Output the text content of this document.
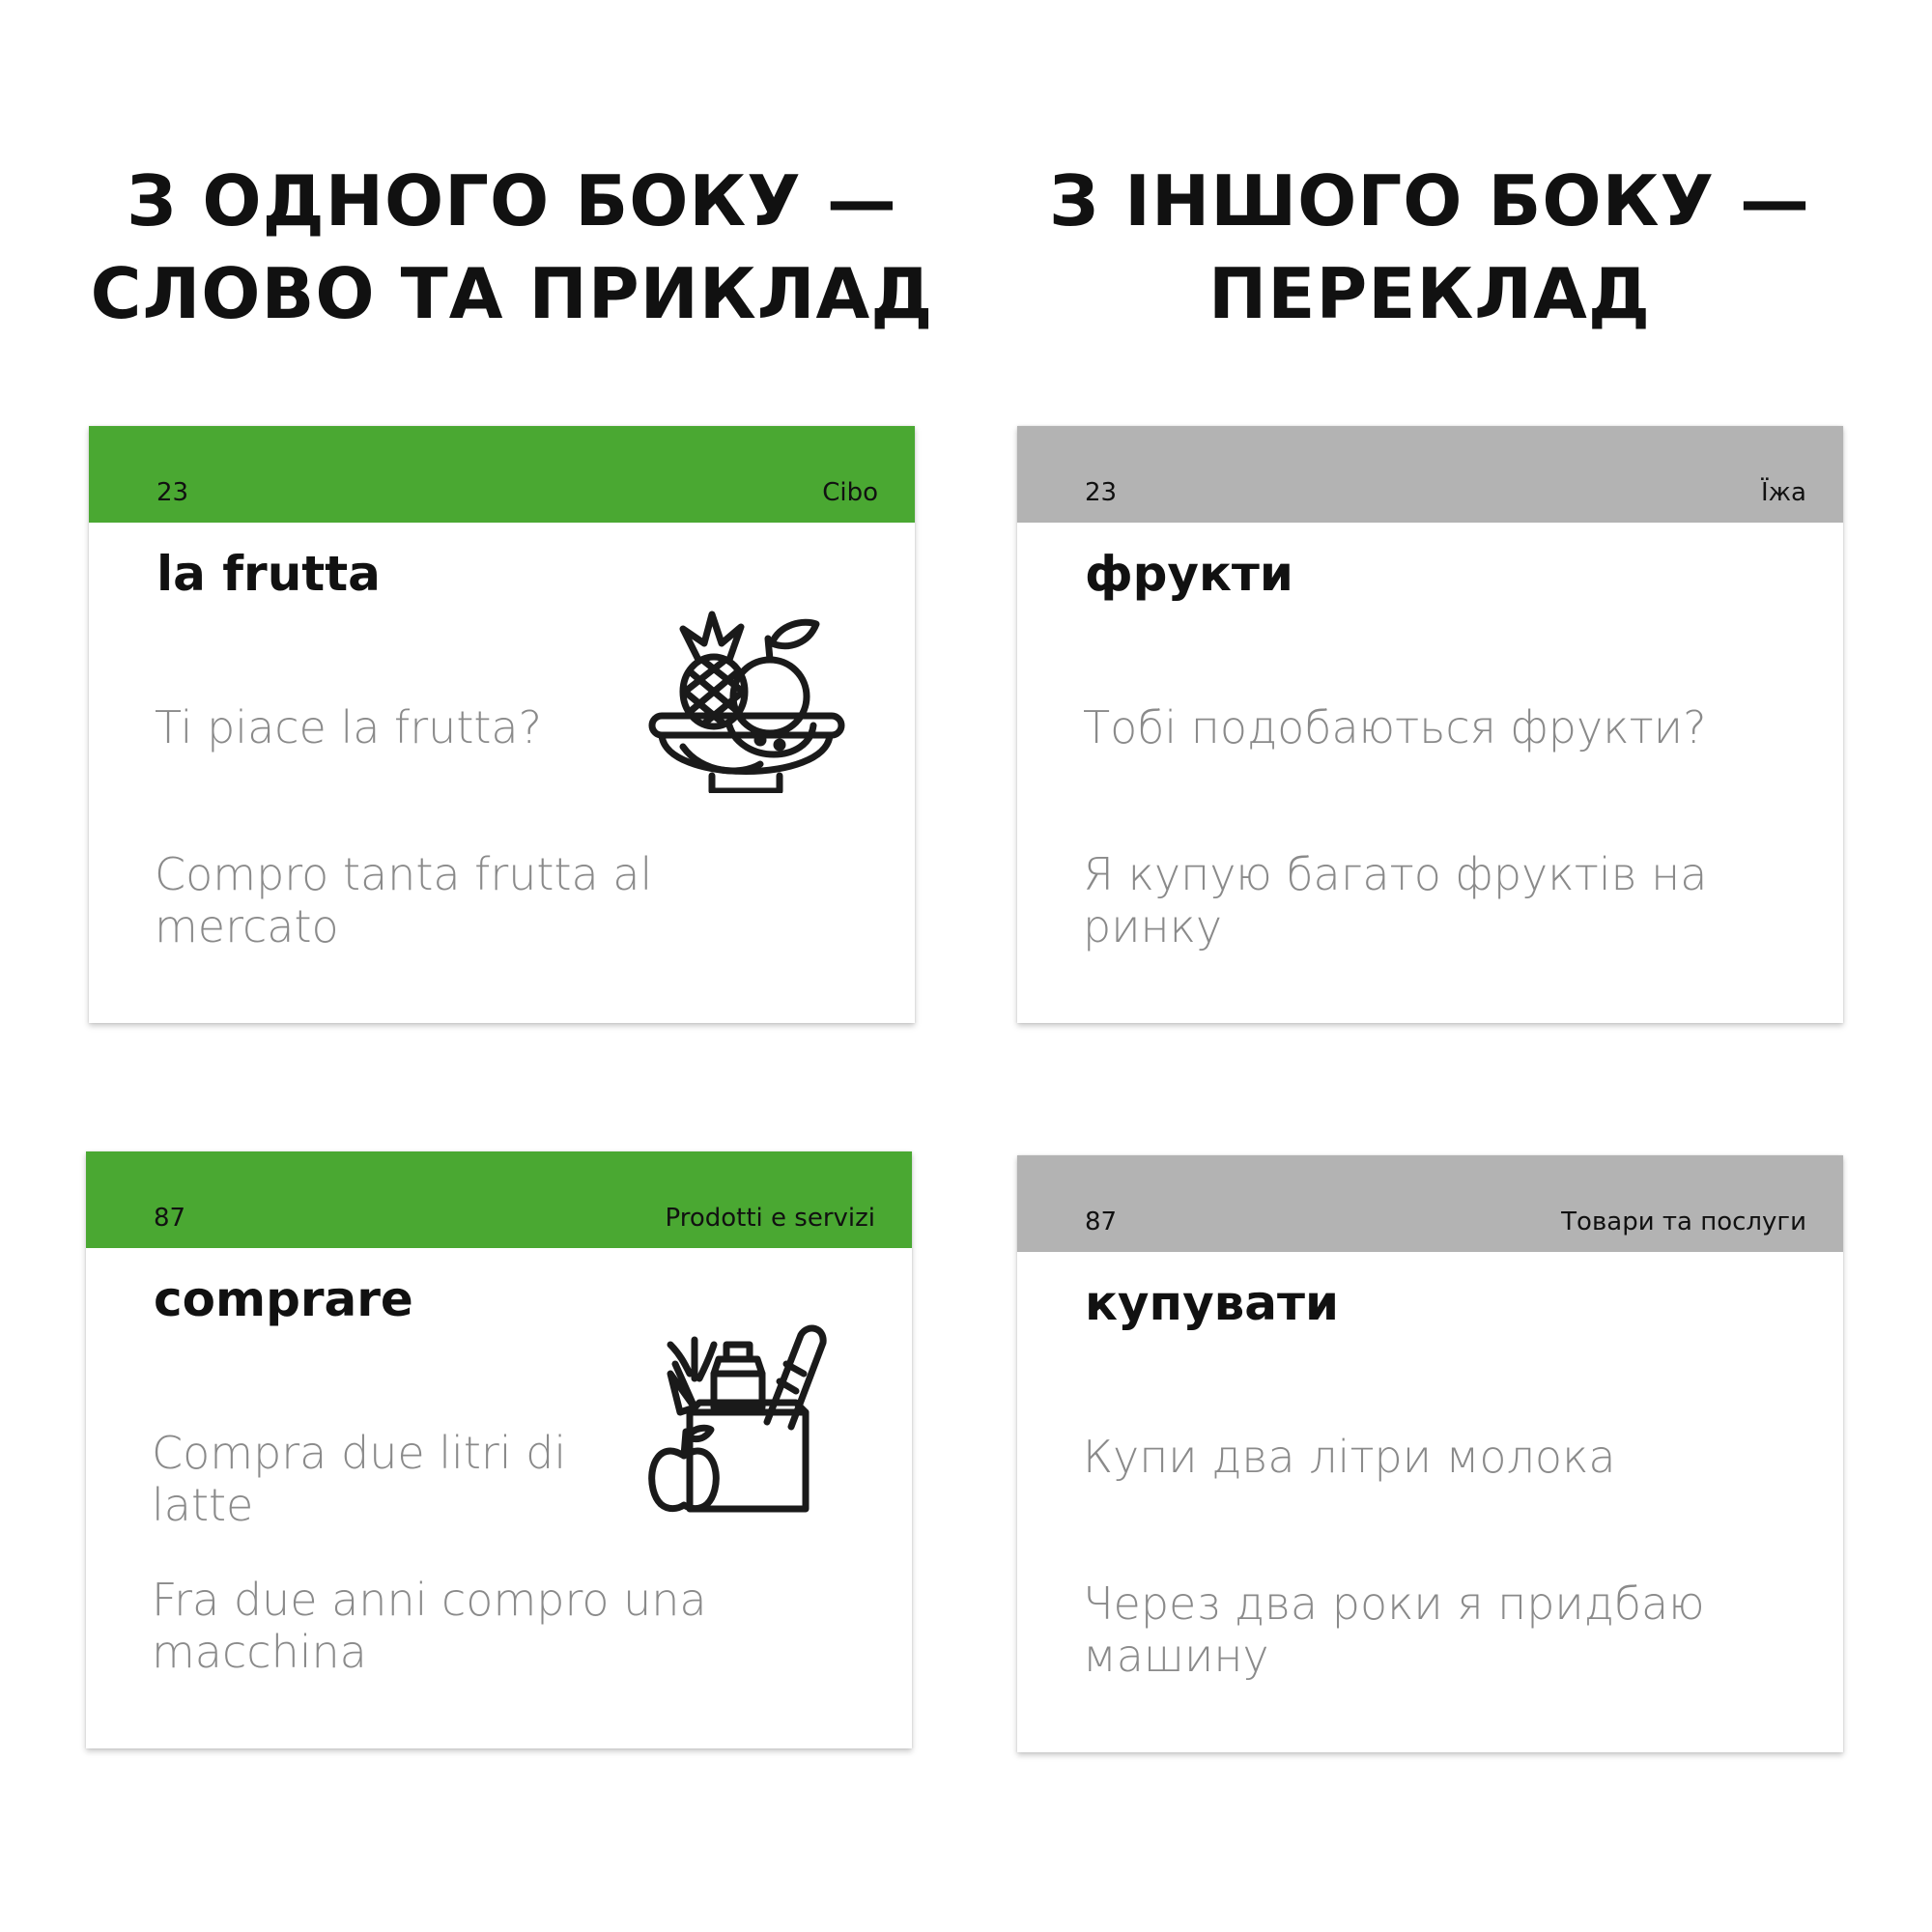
З ОДНОГО БОКУ —
СЛОВО ТА ПРИКЛАД
З ІНШОГО БОКУ —
ПЕРЕКЛАД
23	Cibo
la frutta
Ti piace la frutta?
Compro tanta frutta al mercato
23	Їжа
фрукти
Тобі подобаються фрукти?
Я купую багато фруктів на ринку
87	Prodotti e servizi
comprare
Compra due litri di latte
Fra due anni compro una macchina
87	Товари та послуги
купувати
Купи два літри молока
Через два роки я придбаю машину
